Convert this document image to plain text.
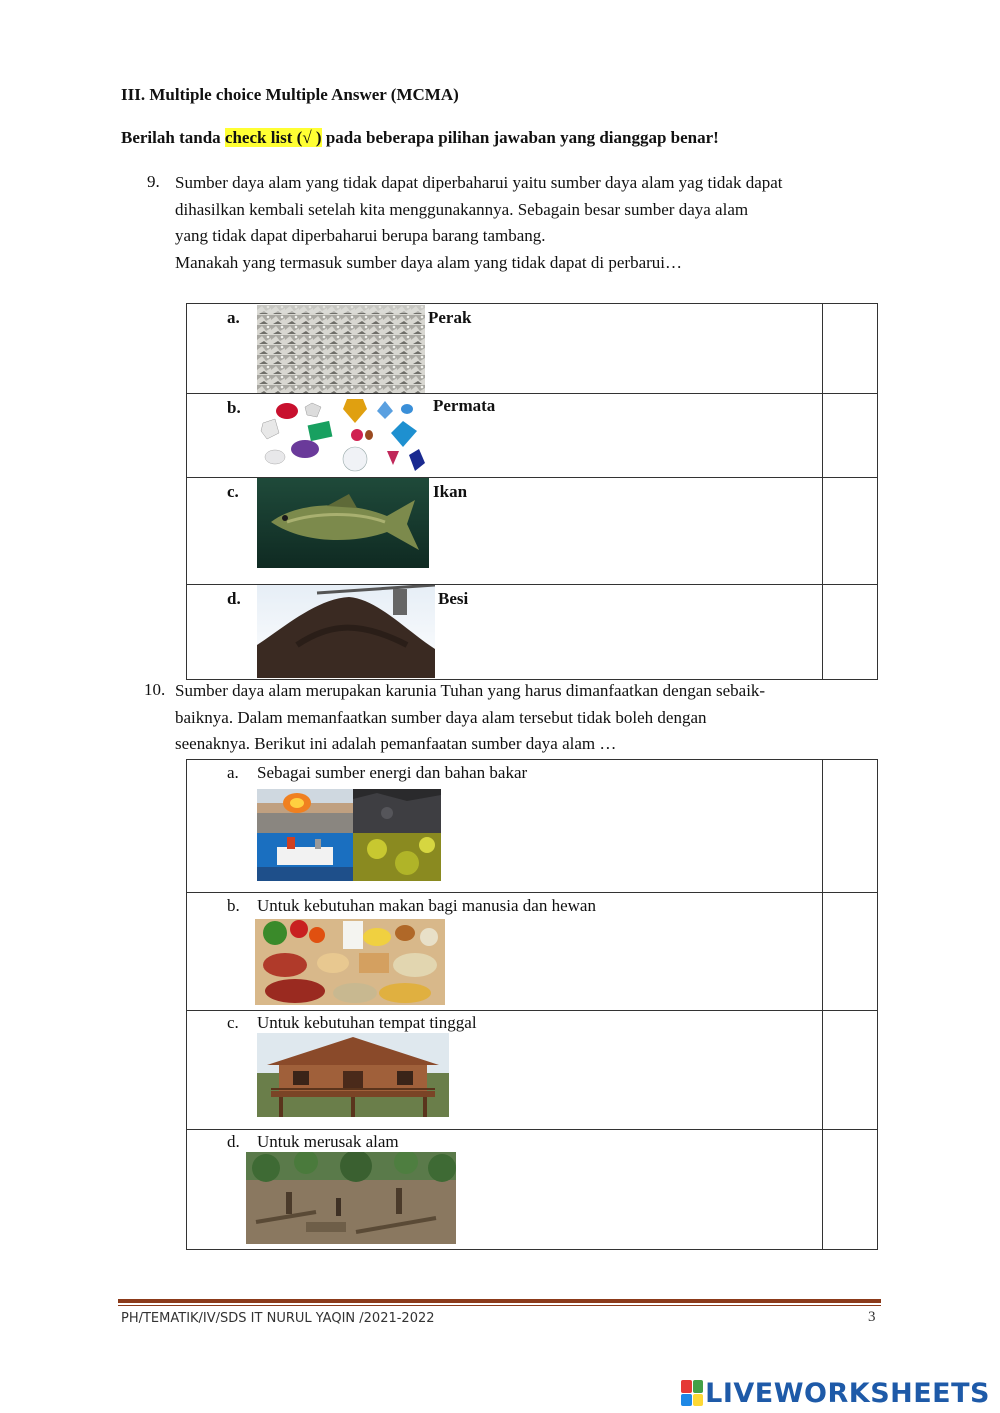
III. Multiple choice Multiple Answer (MCMA)
Berilah tanda check list (√ ) pada beberapa pilihan jawaban yang dianggap benar!
9. Sumber daya alam yang tidak dapat diperbaharui yaitu sumber daya alam yag tidak dapat
dihasilkan kembali setelah kita menggunakannya. Sebagain besar sumber daya alam
yang tidak dapat diperbaharui berupa barang tambang.
Manakah yang termasuk sumber daya alam yang tidak dapat di perbarui…
a. Perak	

b. Permata	

c. Ikan	

d. Besi	

10. Sumber daya alam merupakan karunia Tuhan yang harus dimanfaatkan dengan sebaik-
baiknya. Dalam memanfaatkan sumber daya alam tersebut tidak boleh dengan
seenaknya. Berikut ini adalah pemanfaatan sumber daya alam …
a. Sebagai sumber energi dan bahan bakar	

b. Untuk kebutuhan makan bagi manusia dan hewan	

c. Untuk kebutuhan tempat tinggal	

d. Untuk merusak alam	

PH/TEMATIK/IV/SDS IT NURUL YAQIN /2021-2022	3
LIVEWORKSHEETS
